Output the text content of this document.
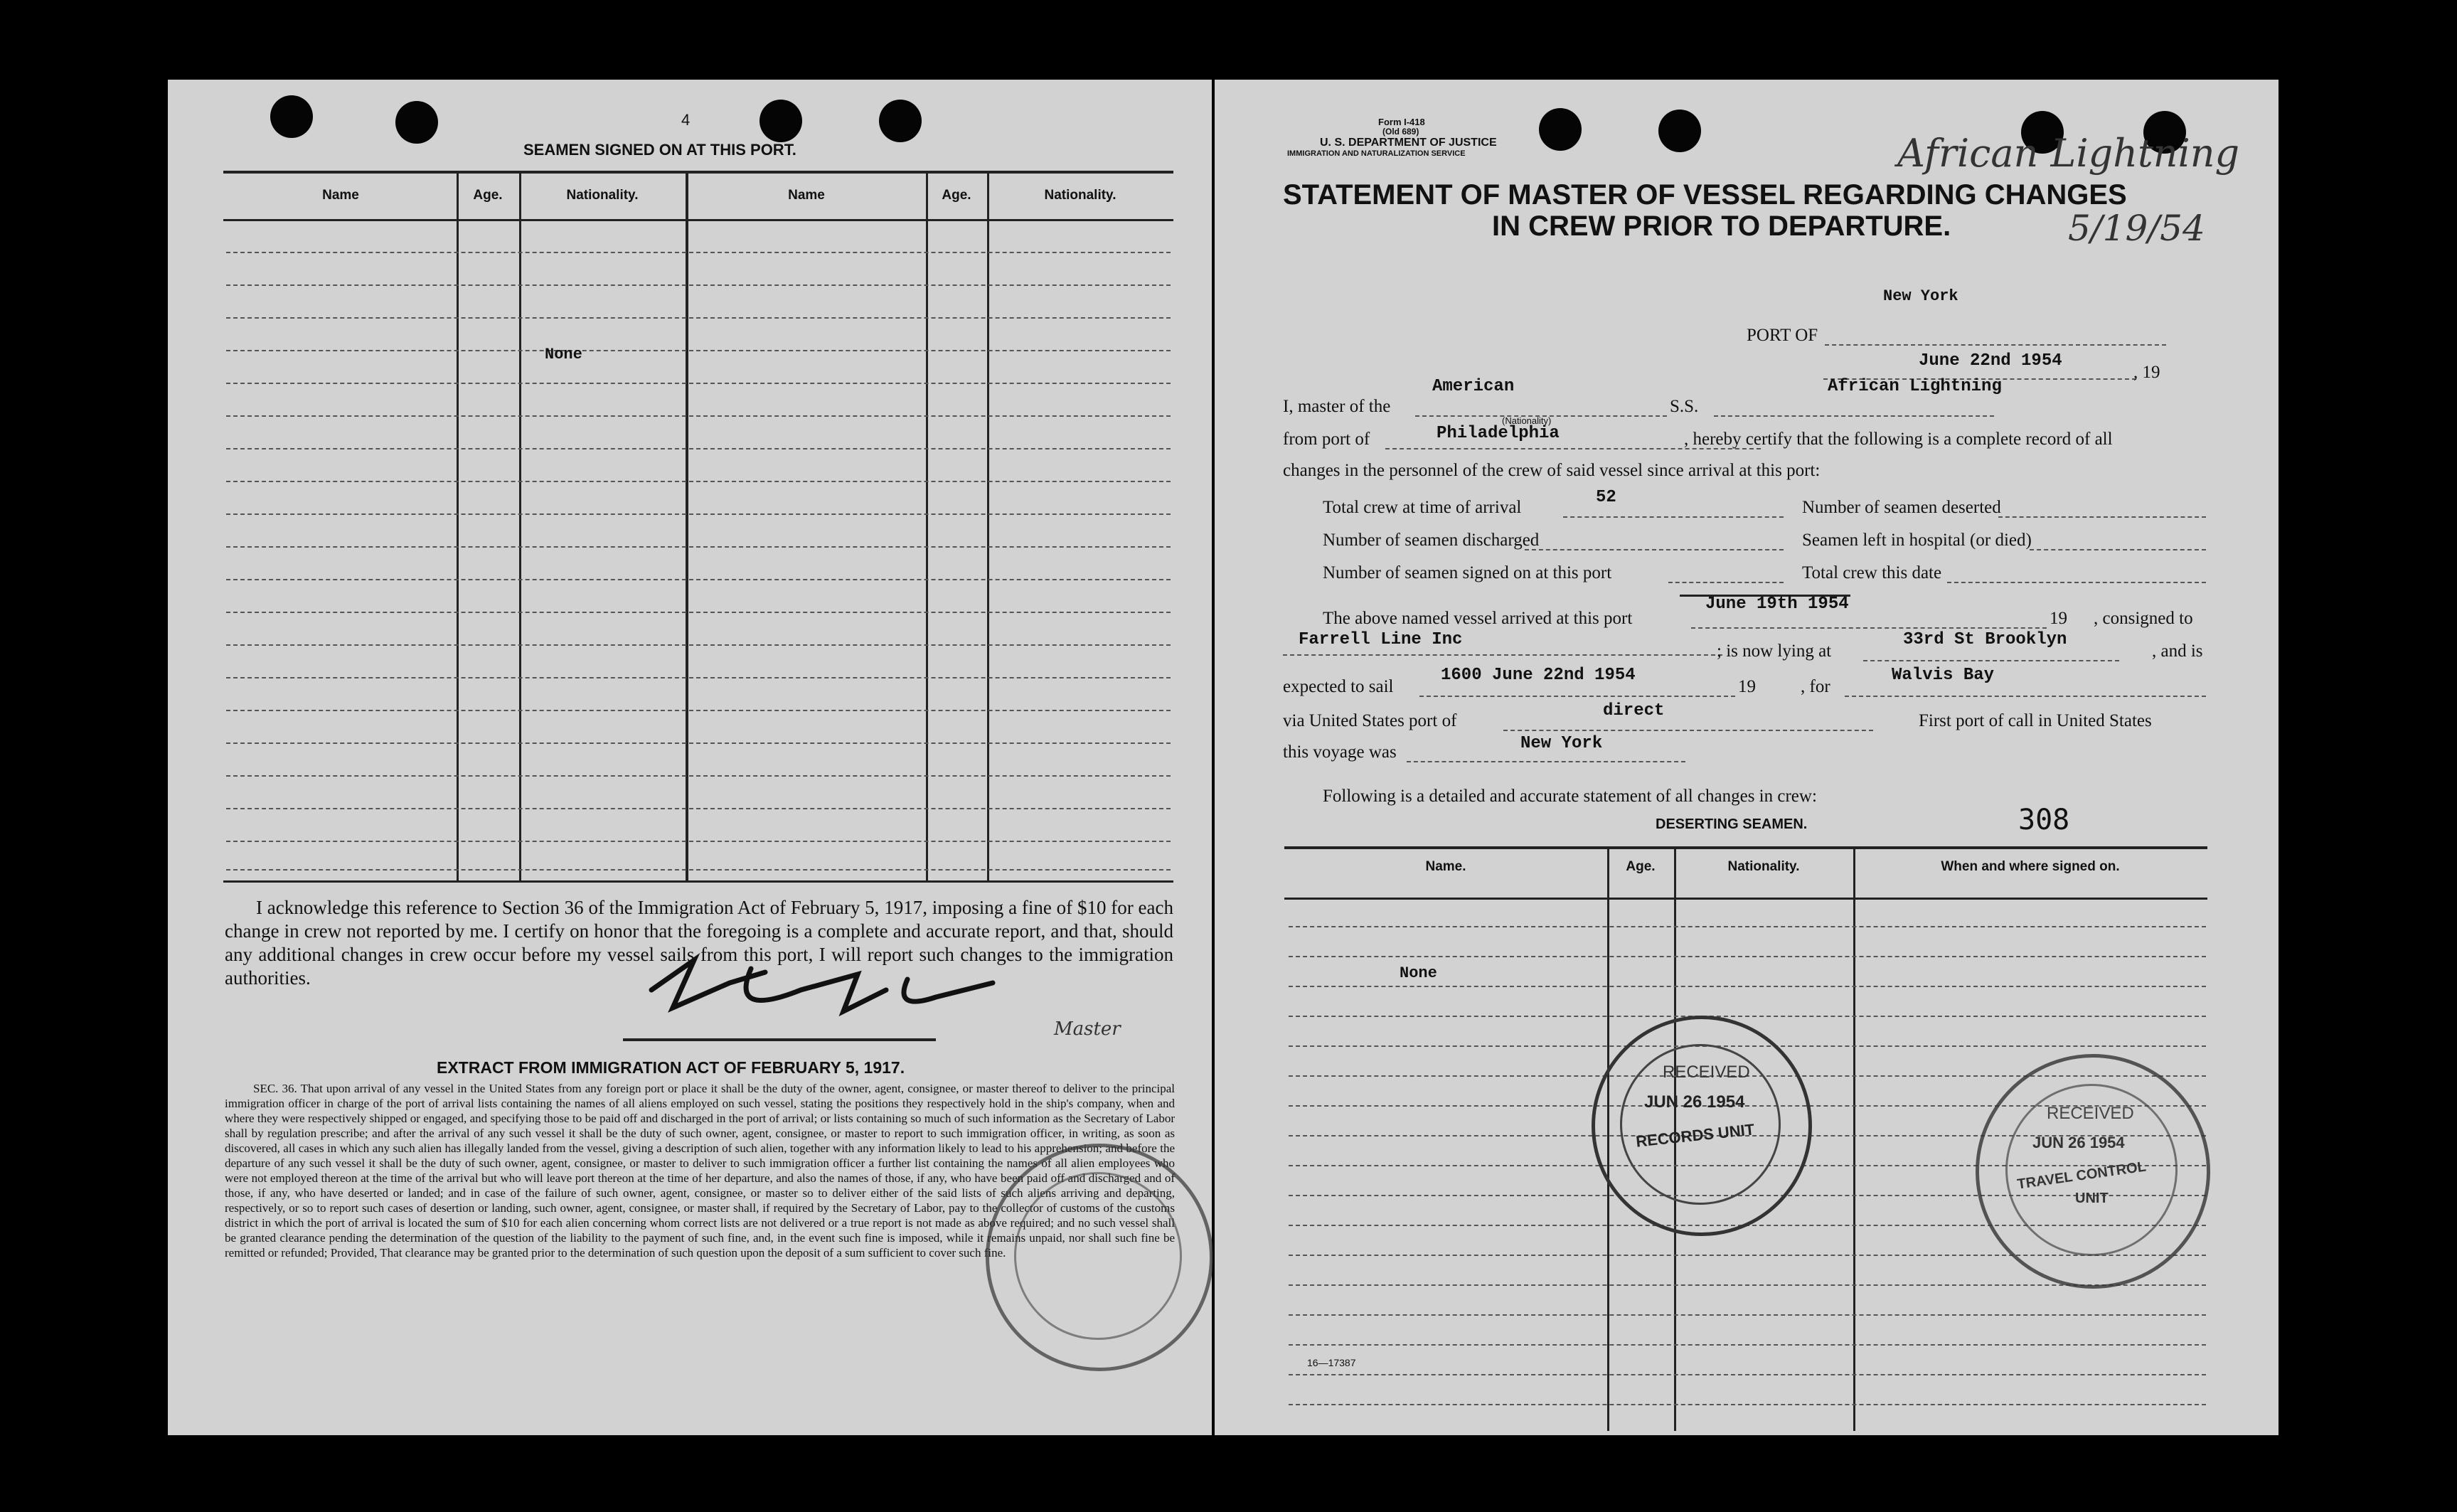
4
SEAMEN SIGNED ON AT THIS PORT.
Name	Age.	Nationality.	Name	Age.	Nationality.
None
I acknowledge this reference to Section 36 of the Immigration Act of February 5, 1917, imposing a fine of $10 for each change in crew not reported by me. I certify on honor that the foregoing is a complete and accurate report, and that, should any additional changes in crew occur before my vessel sails from this port, I will report such changes to the immigration authorities.
Master
EXTRACT FROM IMMIGRATION ACT OF FEBRUARY 5, 1917.
SEC. 36. That upon arrival of any vessel in the United States from any foreign port or place it shall be the duty of the owner, agent, consignee, or master thereof to deliver to the principal immigration officer in charge of the port of arrival lists containing the names of all aliens employed on such vessel, stating the positions they respectively hold in the ship's company, when and where they were respectively shipped or engaged, and specifying those to be paid off and discharged in the port of arrival; or lists containing so much of such information as the Secretary of Labor shall by regulation prescribe; and after the arrival of any such vessel it shall be the duty of such owner, agent, consignee, or master to report to such immigration officer, in writing, as soon as discovered, all cases in which any such alien has illegally landed from the vessel, giving a description of such alien, together with any information likely to lead to his apprehension; and before the departure of any such vessel it shall be the duty of such owner, agent, consignee, or master to deliver to such immigration officer a further list containing the names of all alien employees who were not employed thereon at the time of the arrival but who will leave port thereon at the time of her departure, and also the names of those, if any, who have been paid off and discharged and of those, if any, who have deserted or landed; and in case of the failure of such owner, agent, consignee, or master so to deliver either of the said lists of such aliens arriving and departing, respectively, or so to report such cases of desertion or landing, such owner, agent, consignee, or master shall, if required by the Secretary of Labor, pay to the collector of customs of the customs district in which the port of arrival is located the sum of $10 for each alien concerning whom correct lists are not delivered or a true report is not made as above required; and no such vessel shall be granted clearance pending the determination of the question of the liability to the payment of such fine, and, in the event such fine is imposed, while it remains unpaid, nor shall such fine be remitted or refunded; Provided, That clearance may be granted prior to the determination of such question upon the deposit of a sum sufficient to cover such fine.
Form I-418
(Old 689)
U. S. DEPARTMENT OF JUSTICE
IMMIGRATION AND NATURALIZATION SERVICE	African Lightning
5/19/54
STATEMENT OF MASTER OF VESSEL REGARDING CHANGES
IN CREW PRIOR TO DEPARTURE.
New York
PORT OF
June 22nd 1954
, 19
American	African Lightning
I, master of the	S.S.
(Nationality)
Philadelphia
from port of	, hereby certify that the following is a complete record of all
changes in the personnel of the crew of said vessel since arrival at this port:
52
Total crew at time of arrival	Number of seamen deserted
Number of seamen discharged	Seamen left in hospital (or died)
Number of seamen signed on at this port	Total crew this date
June 19th 1954
The above named vessel arrived at this port	19 , consigned to
Farrell Line Inc
; is now lying at
33rd St Brooklyn
, and is
1600 June 22nd 1954
expected to sail	19	, for
Walvis Bay
direct
via United States port of	First port of call in United States
New York
this voyage was
Following is a detailed and accurate statement of all changes in crew:
DESERTING SEAMEN.	308
Name.	Age.	Nationality.	When and where signed on.
None
16—17387
RECEIVED
JUN 26 1954
RECORDS UNIT
RECEIVED
JUN 26 1954
TRAVEL CONTROL
UNIT
